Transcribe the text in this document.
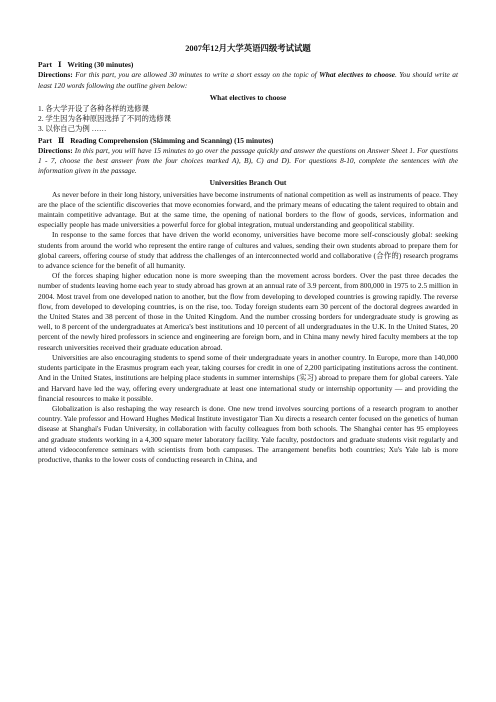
2007年12月大学英语四级考试试题
Part Ⅰ Writing (30 minutes)
Directions: For this part, you are allowed 30 minutes to write a short essay on the topic of What electives to choose. You should write at least 120 words following the outline given below:
What electives to choose
1. 各大学开设了各种各样的选修课
2. 学生因为各种原因选择了不同的选修课
3. 以你自己为例 ……
Part Ⅱ Reading Comprehension (Skimming and Scanning) (15 minutes)
Directions: In this part, you will have 15 minutes to go over the passage quickly and answer the questions on Answer Sheet 1. For questions 1 - 7, choose the best answer from the four choices marked A), B), C) and D). For questions 8-10, complete the sentences with the information given in the passage.
Universities Branch Out
As never before in their long history, universities have become instruments of national competition as well as instruments of peace. They are the place of the scientific discoveries that move economies forward, and the primary means of educating the talent required to obtain and maintain competitive advantage. But at the same time, the opening of national borders to the flow of goods, services, information and especially people has made universities a powerful force for global integration, mutual understanding and geopolitical stability.
In response to the same forces that have driven the world economy, universities have become more self-consciously global: seeking students from around the world who represent the entire range of cultures and values, sending their own students abroad to prepare them for global careers, offering course of study that address the challenges of an interconnected world and collaborative (合作的) research programs to advance science for the benefit of all humanity.
Of the forces shaping higher education none is more sweeping than the movement across borders. Over the past three decades the number of students leaving home each year to study abroad has grown at an annual rate of 3.9 percent, from 800,000 in 1975 to 2.5 million in 2004. Most travel from one developed nation to another, but the flow from developing to developed countries is growing rapidly. The reverse flow, from developed to developing countries, is on the rise, too. Today foreign students earn 30 percent of the doctoral degrees awarded in the United States and 38 percent of those in the United Kingdom. And the number crossing borders for undergraduate study is growing as well, to 8 percent of the undergraduates at America's best institutions and 10 percent of all undergraduates in the U.K. In the United States, 20 percent of the newly hired professors in science and engineering are foreign born, and in China many newly hired faculty members at the top research universities received their graduate education abroad.
Universities are also encouraging students to spend some of their undergraduate years in another country. In Europe, more than 140,000 students participate in the Erasmus program each year, taking courses for credit in one of 2,200 participating institutions across the continent. And in the United States, institutions are helping place students in summer internships (实习) abroad to prepare them for global careers. Yale and Harvard have led the way, offering every undergraduate at least one international study or internship opportunity — and providing the financial resources to make it possible.
Globalization is also reshaping the way research is done. One new trend involves sourcing portions of a research program to another country. Yale professor and Howard Hughes Medical Institute investigator Tian Xu directs a research center focused on the genetics of human disease at Shanghai's Fudan University, in collaboration with faculty colleagues from both schools. The Shanghai center has 95 employees and graduate students working in a 4,300 square meter laboratory facility. Yale faculty, postdoctors and graduate students visit regularly and attend videoconference seminars with scientists from both campuses. The arrangement benefits both countries; Xu's Yale lab is more productive, thanks to the lower costs of conducting research in China, and
